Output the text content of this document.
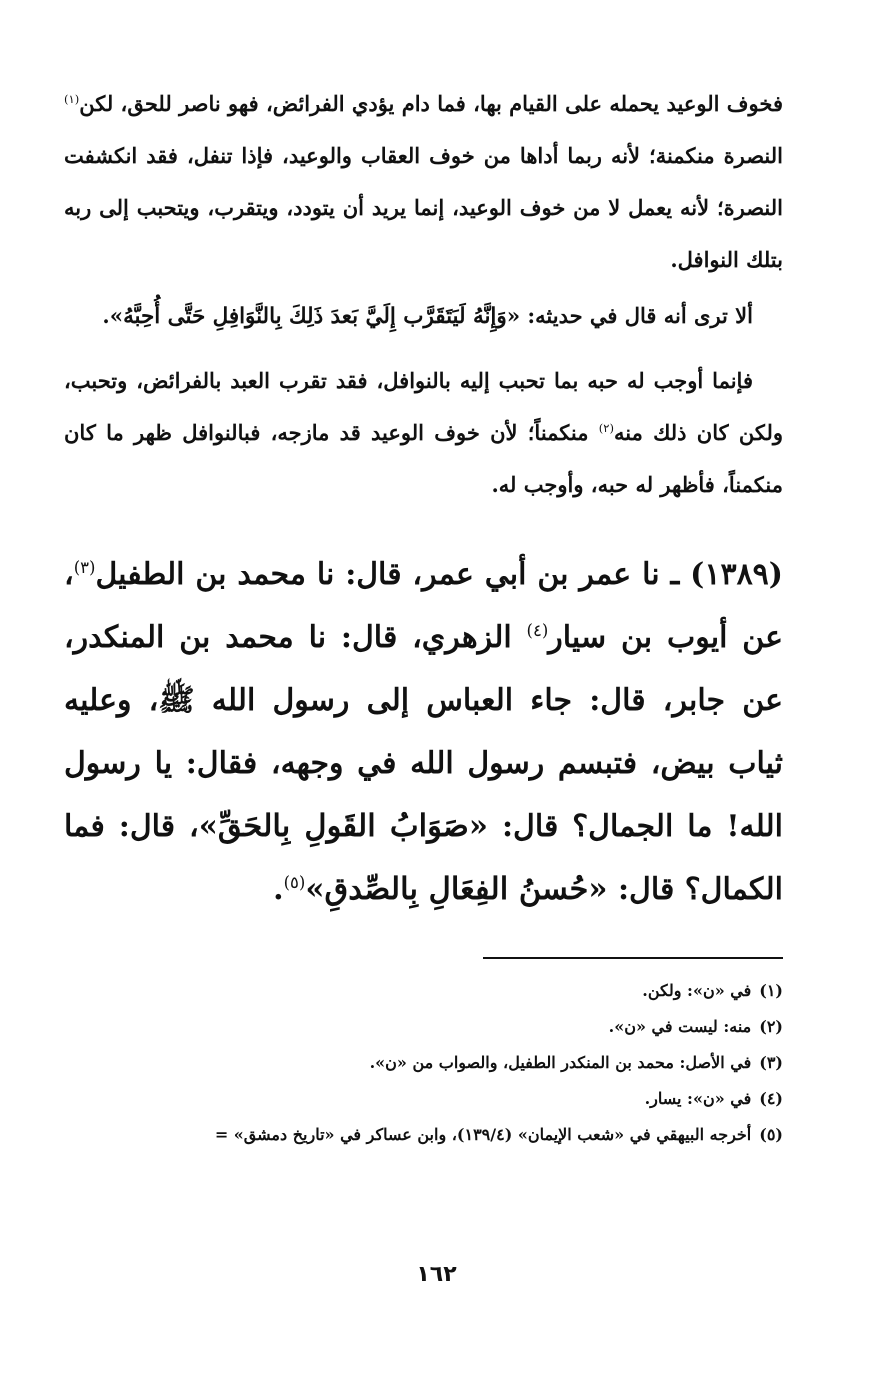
فخوف الوعيد يحمله على القيام بها، فما دام يؤدي الفرائض، فهو ناصر للحق، لكن$^{(١)}$ النصرة منكمنة؛ لأنه ربما أداها من خوف العقاب والوعيد، فإذا تنفل، فقد انكشفت النصرة؛ لأنه يعمل لا من خوف الوعيد، إنما يريد أن يتودد، ويتقرب، ويتحبب إلى ربه بتلك النوافل.

ألا ترى أنه قال في حديثه: «وَإِنَّهُ لَيَتَقَرَّب إِلَيَّ بَعدَ ذَلِكَ بِالنَّوَافِلِ حَتَّى أُحِبَّهُ».

فإنما أوجب له حبه بما تحبب إليه بالنوافل، فقد تقرب العبد بالفرائض، وتحبب، ولكن كان ذلك منه$^{(٢)}$ منكمناً؛ لأن خوف الوعيد قد مازجه، فبالنوافل ظهر ما كان منكمناً، فأظهر له حبه، وأوجب له.

(١٣٨٩) ـ نا عمر بن أبي عمر، قال: نا محمد بن الطفيل$^{(٣)}$، عن أيوب بن سيار$^{(٤)}$ الزهري، قال: نا محمد بن المنكدر، عن جابر، قال: جاء العباس إلى رسول الله ﷺ، وعليه ثياب بيض، فتبسم رسول الله في وجهه، فقال: يا رسول الله! ما الجمال؟ قال: «صَوَابُ القَولِ بِالحَقِّ»، قال: فما الكمال؟ قال: «حُسنُ الفِعَالِ بِالصِّدقِ»$^{(٥)}$.

(١)في «ن»: ولكن.

(٢)منه: ليست في «ن».

(٣)في الأصل: محمد بن المنكدر الطفيل، والصواب من «ن».

(٤)في «ن»: يسار.

(٥)أخرجه البيهقي في «شعب الإيمان» (١٣٩/٤)، وابن عساكر في «تاريخ دمشق» =

١٦٢
